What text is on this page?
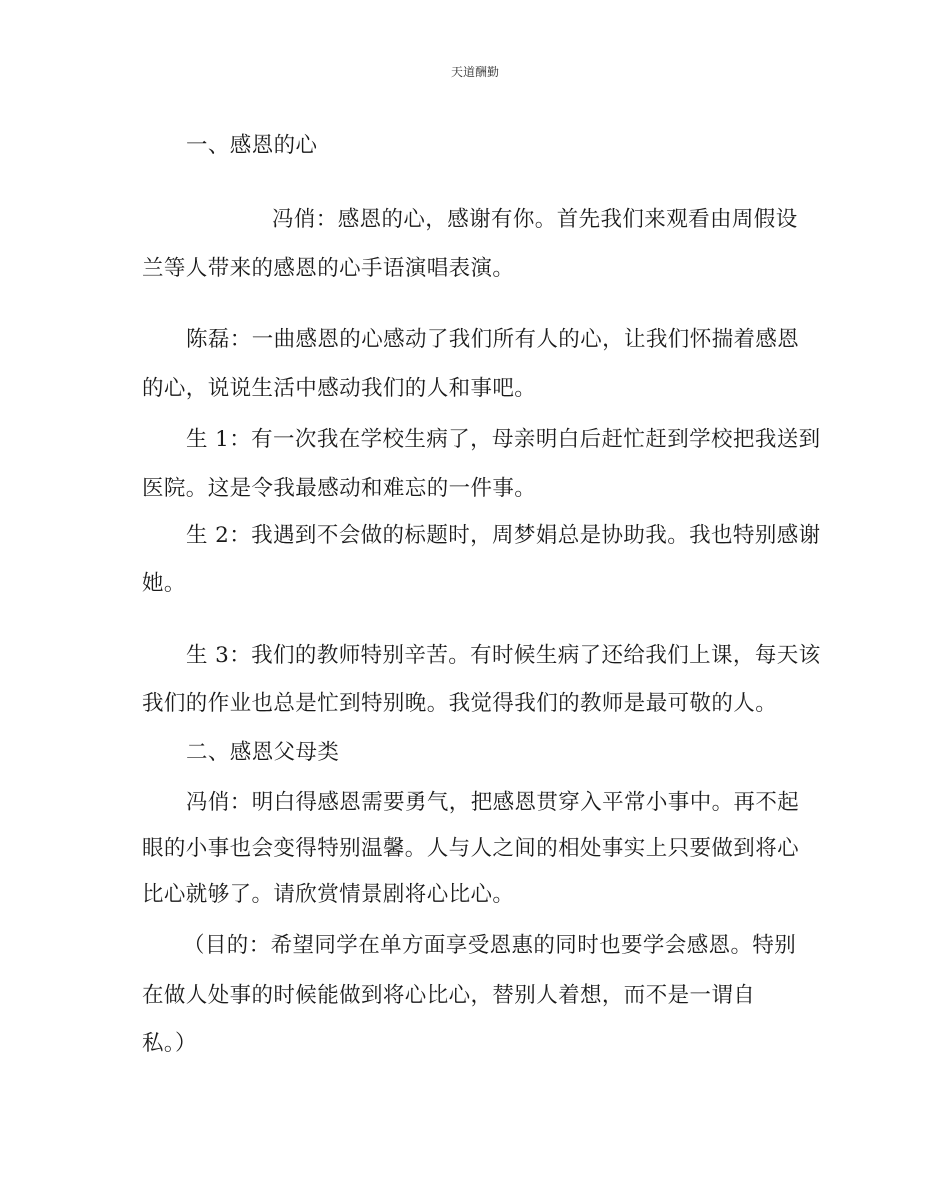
天道酬勤
一、感恩的心
冯俏：感恩的心，感谢有你。首先我们来观看由周假设
兰等人带来的感恩的心手语演唱表演。
陈磊：一曲感恩的心感动了我们所有人的心，让我们怀揣着感恩
的心，说说生活中感动我们的人和事吧。
生 1：有一次我在学校生病了，母亲明白后赶忙赶到学校把我送到
医院。这是令我最感动和难忘的一件事。
生 2：我遇到不会做的标题时，周梦娟总是协助我。我也特别感谢
她。
生 3：我们的教师特别辛苦。有时候生病了还给我们上课，每天该
我们的作业也总是忙到特别晚。我觉得我们的教师是最可敬的人。
二、感恩父母类
冯俏：明白得感恩需要勇气，把感恩贯穿入平常小事中。再不起
眼的小事也会变得特别温馨。人与人之间的相处事实上只要做到将心
比心就够了。请欣赏情景剧将心比心。
（目的：希望同学在单方面享受恩惠的同时也要学会感恩。特别
在做人处事的时候能做到将心比心，替别人着想，而不是一谓自
私。）
